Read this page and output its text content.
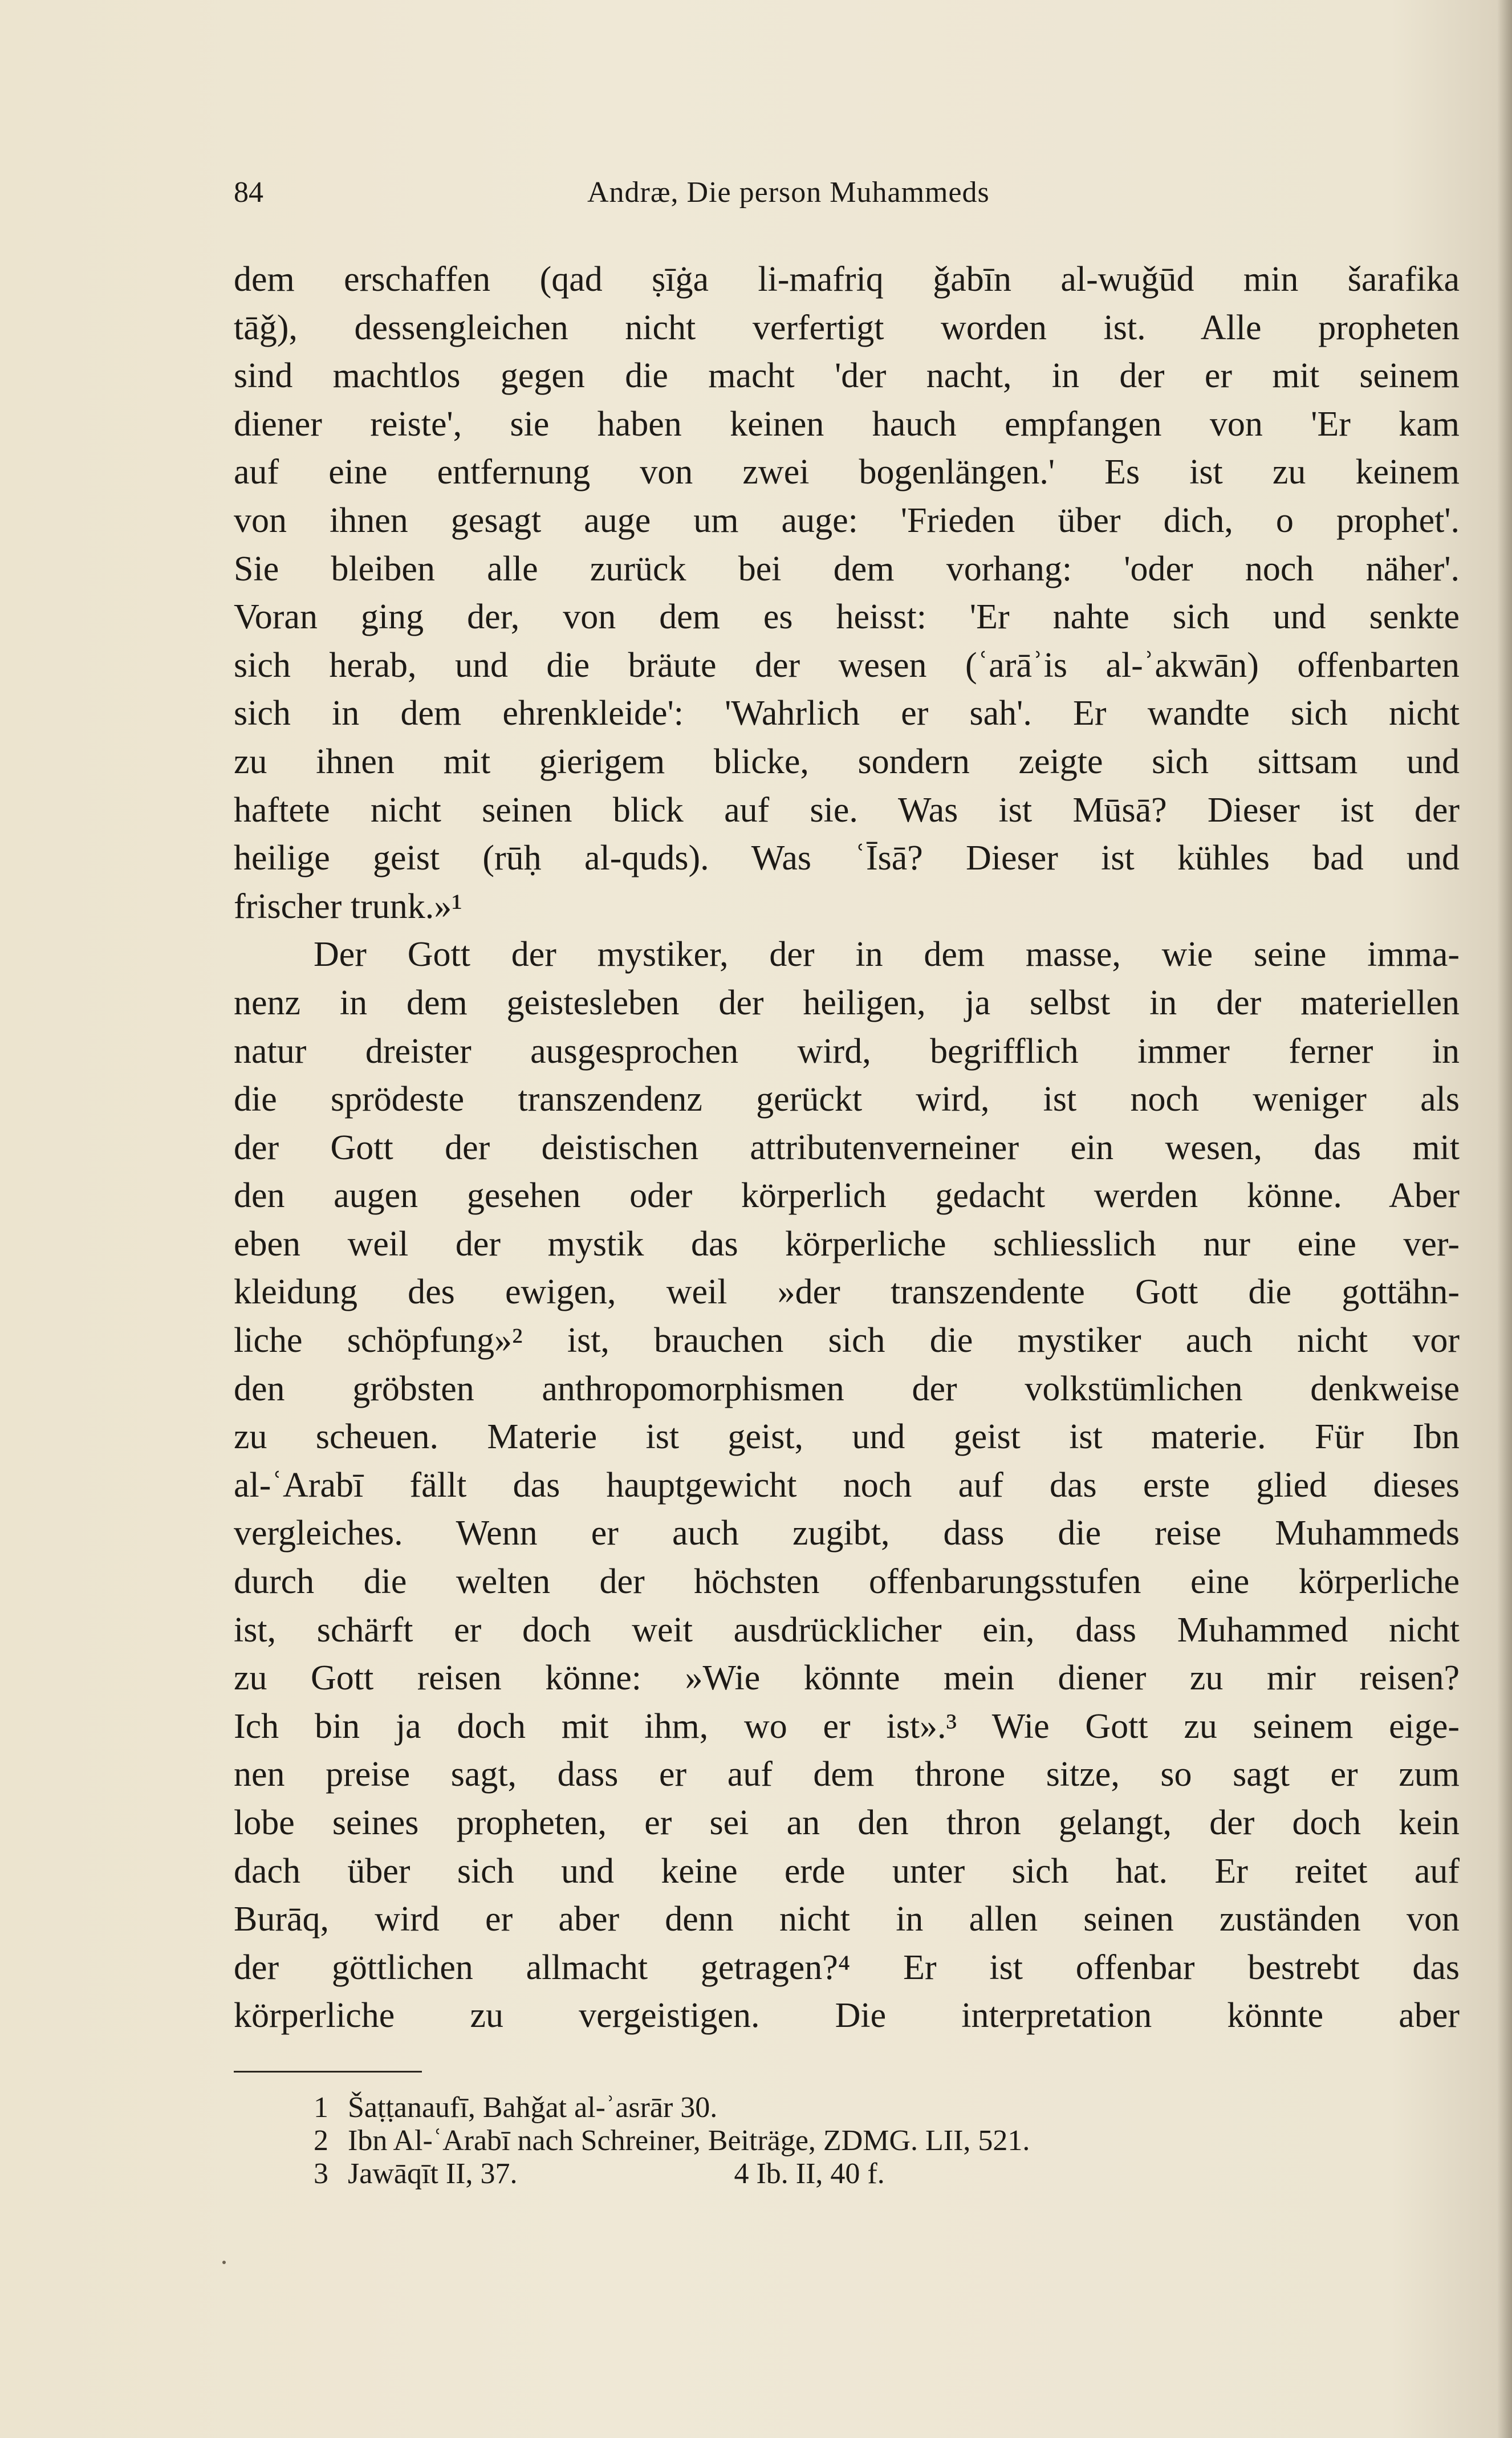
84	Andræ, Die person Muhammeds
dem erschaffen (qad ṣīġa li-mafriq ǧabīn al-wuǧūd min šarafika
tāǧ), dessengleichen nicht verfertigt worden ist. Alle propheten
sind machtlos gegen die macht 'der nacht, in der er mit seinem
diener reiste', sie haben keinen hauch empfangen von 'Er kam
auf eine entfernung von zwei bogenlängen.' Es ist zu keinem
von ihnen gesagt auge um auge: 'Frieden über dich, o prophet'.
Sie bleiben alle zurück bei dem vorhang: 'oder noch näher'.
Voran ging der, von dem es heisst: 'Er nahte sich und senkte
sich herab, und die bräute der wesen (ʿarāʾis al-ʾakwān) offenbarten
sich in dem ehrenkleide': 'Wahrlich er sah'. Er wandte sich nicht
zu ihnen mit gierigem blicke, sondern zeigte sich sittsam und
haftete nicht seinen blick auf sie. Was ist Mūsā? Dieser ist der
heilige geist (rūḥ al-quds). Was ʿĪsā? Dieser ist kühles bad und
frischer trunk.»¹
Der Gott der mystiker, der in dem masse, wie seine imma-
nenz in dem geistesleben der heiligen, ja selbst in der materiellen
natur dreister ausgesprochen wird, begrifflich immer ferner in
die sprödeste transzendenz gerückt wird, ist noch weniger als
der Gott der deistischen attributenverneiner ein wesen, das mit
den augen gesehen oder körperlich gedacht werden könne. Aber
eben weil der mystik das körperliche schliesslich nur eine ver-
kleidung des ewigen, weil »der transzendente Gott die gottähn-
liche schöpfung»² ist, brauchen sich die mystiker auch nicht vor
den gröbsten anthropomorphismen der volkstümlichen denkweise
zu scheuen. Materie ist geist, und geist ist materie. Für Ibn
al-ʿArabī fällt das hauptgewicht noch auf das erste glied dieses
vergleiches. Wenn er auch zugibt, dass die reise Muhammeds
durch die welten der höchsten offenbarungsstufen eine körperliche
ist, schärft er doch weit ausdrücklicher ein, dass Muhammed nicht
zu Gott reisen könne: »Wie könnte mein diener zu mir reisen?
Ich bin ja doch mit ihm, wo er ist».³ Wie Gott zu seinem eige-
nen preise sagt, dass er auf dem throne sitze, so sagt er zum
lobe seines propheten, er sei an den thron gelangt, der doch kein
dach über sich und keine erde unter sich hat. Er reitet auf
Burāq, wird er aber denn nicht in allen seinen zuständen von
der göttlichen allmacht getragen?⁴ Er ist offenbar bestrebt das
körperliche zu vergeistigen. Die interpretation könnte aber
1 Šaṭṭanaufī, Bahǧat al-ʾasrār 30.
2 Ibn Al-ʿArabī nach Schreiner, Beiträge, ZDMG. LII, 521.
3 Jawāqīt II, 37.	4 Ib. II, 40 f.
